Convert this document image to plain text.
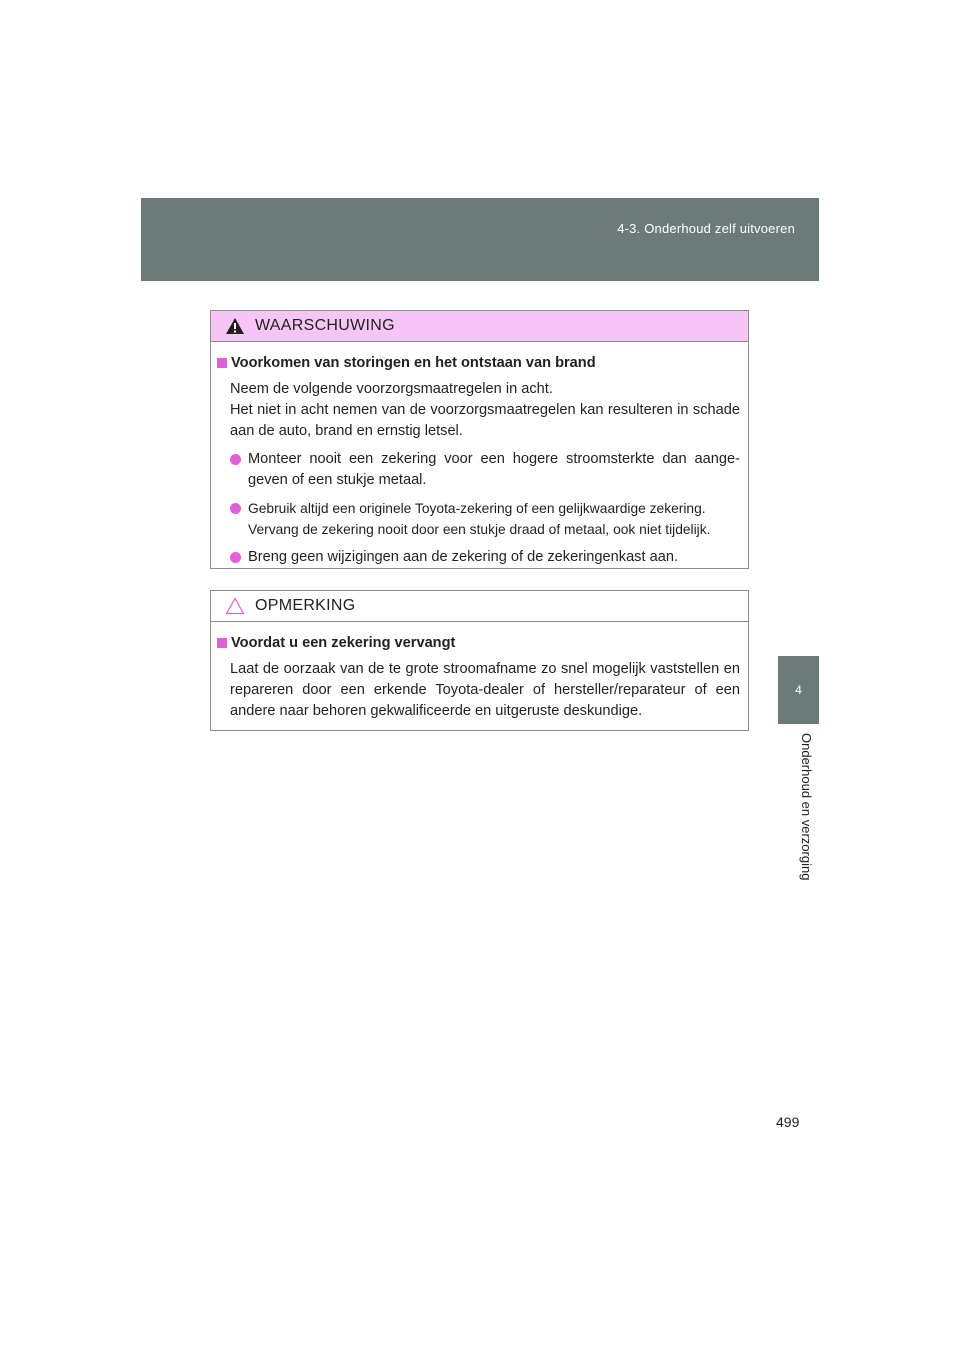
4-3. Onderhoud zelf uitvoeren
4
Onderhoud en verzorging
WAARSCHUWING
Voorkomen van storingen en het ontstaan van brand
Neem de volgende voorzorgsmaatregelen in acht.
Het niet in acht nemen van de voorzorgsmaatregelen kan resulteren in schade aan de auto, brand en ernstig letsel.
Monteer nooit een zekering voor een hogere stroomsterkte dan aange-geven of een stukje metaal.
Gebruik altijd een originele Toyota-zekering of een gelijkwaardige zekering. Vervang de zekering nooit door een stukje draad of metaal, ook niet tijdelijk.
Breng geen wijzigingen aan de zekering of de zekeringenkast aan.
OPMERKING
Voordat u een zekering vervangt
Laat de oorzaak van de te grote stroomafname zo snel mogelijk vaststellen en repareren door een erkende Toyota-dealer of hersteller/reparateur of een andere naar behoren gekwalificeerde en uitgeruste deskundige.
499
